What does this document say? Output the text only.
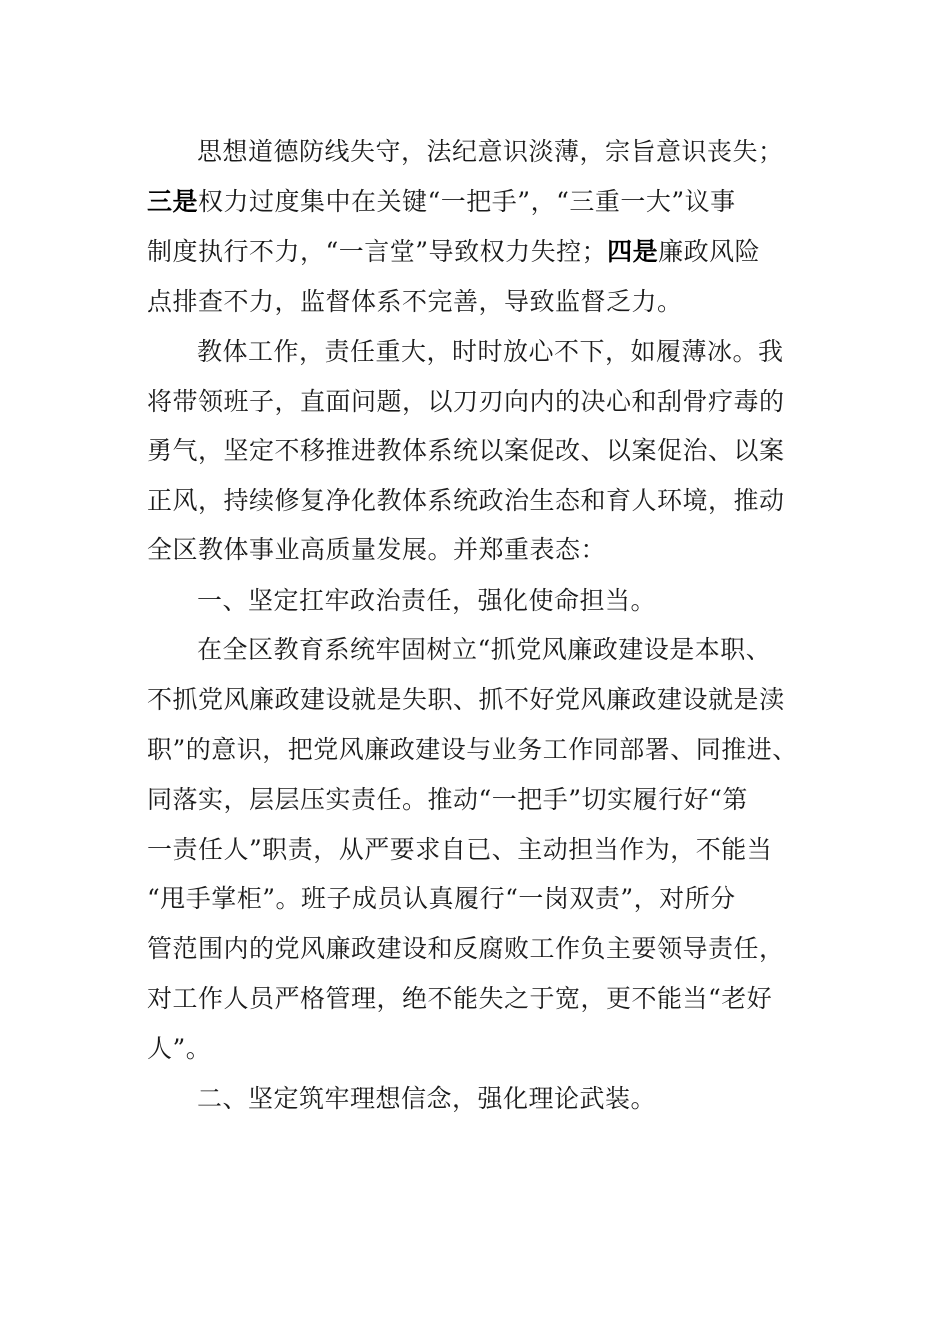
思想道德防线失守，法纪意识淡薄，宗旨意识丧失；

三是权力过度集中在关键“一把手”，“三重一大”议事

制度执行不力，“一言堂”导致权力失控；四是廉政风险

点排查不力，监督体系不完善，导致监督乏力。

教体工作，责任重大，时时放心不下，如履薄冰。我

将带领班子，直面问题，以刀刃向内的决心和刮骨疗毒的

勇气，坚定不移推进教体系统以案促改、以案促治、以案

正风，持续修复净化教体系统政治生态和育人环境，推动

全区教体事业高质量发展。并郑重表态：

一、坚定扛牢政治责任，强化使命担当。

在全区教育系统牢固树立“抓党风廉政建设是本职、

不抓党风廉政建设就是失职、抓不好党风廉政建设就是渎

职”的意识，把党风廉政建设与业务工作同部署、同推进、

同落实，层层压实责任。推动“一把手”切实履行好“第

一责任人”职责，从严要求自已、主动担当作为，不能当

“甩手掌柜”。班子成员认真履行“一岗双责”，对所分

管范围内的党风廉政建设和反腐败工作负主要领导责任，

对工作人员严格管理，绝不能失之于宽，更不能当“老好

人”。

二、坚定筑牢理想信念，强化理论武装。
